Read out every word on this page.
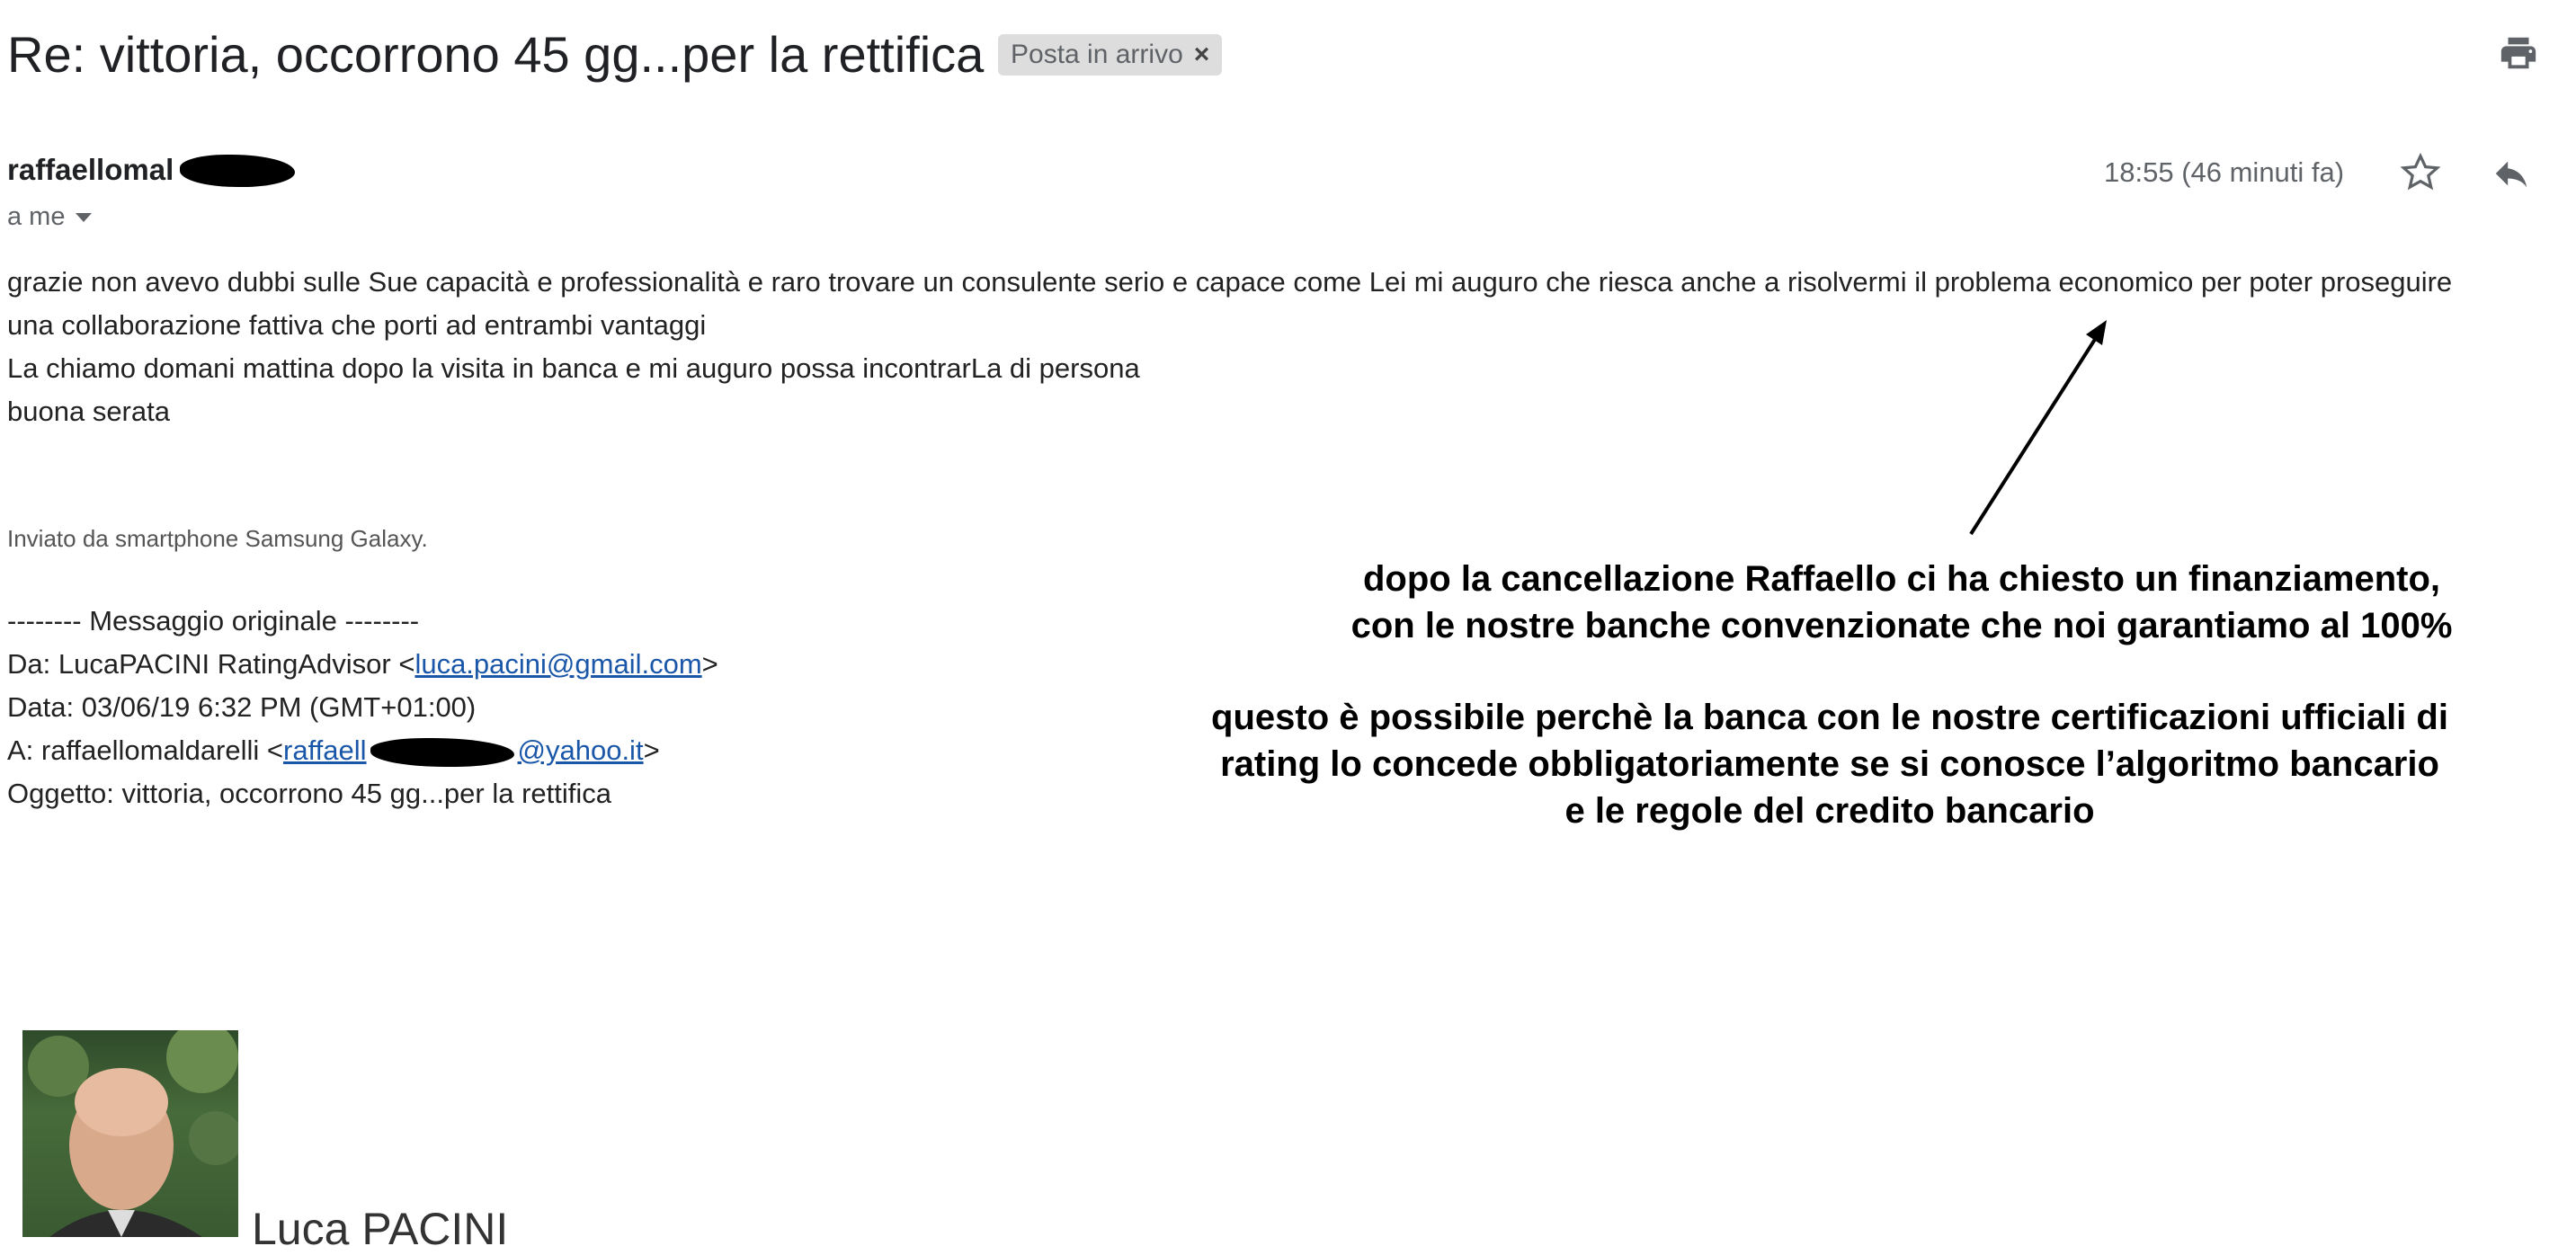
Re: vittoria, occorrono 45 gg...per la rettifica Posta in arrivo ×
raffaellomal
a me
18:55 (46 minuti fa)
grazie non avevo dubbi sulle Sue capacità e professionalità e raro trovare un consulente serio e capace come Lei mi auguro che riesca anche a risolvermi il problema economico per poter proseguire
una collaborazione fattiva che porti ad entrambi vantaggi
La chiamo domani mattina dopo la visita in banca e mi auguro possa incontrarLa di persona
buona serata
Inviato da smartphone Samsung Galaxy.
-------- Messaggio originale --------
Da: LucaPACINI RatingAdvisor <luca.pacini@gmail.com>
Data: 03/06/19 6:32 PM (GMT+01:00)
A: raffaellomaldarelli <raffaell	@yahoo.it>
Oggetto: vittoria, occorrono 45 gg...per la rettifica
dopo la cancellazione Raffaello ci ha chiesto un finanziamento,
con le nostre banche convenzionate che noi garantiamo al 100%
questo è possibile perchè la banca con le nostre certificazioni ufficiali di
rating lo concede obbligatoriamente se si conosce l’algoritmo bancario
e le regole del credito bancario
Luca PACINI
